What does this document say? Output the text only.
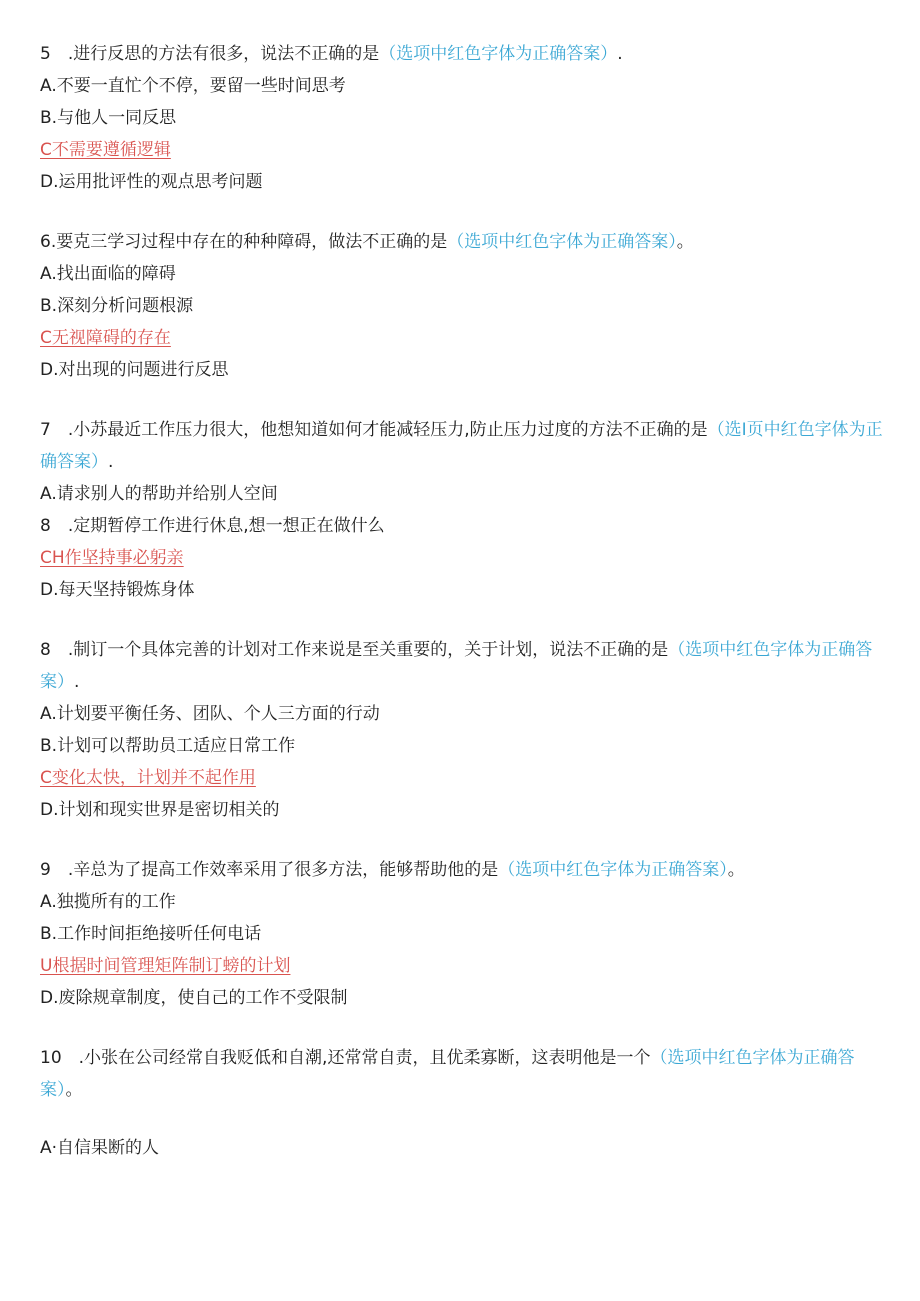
5　.进行反思的方法有很多，说法不正确的是（选项中红色字体为正确答案）.

A.不要一直忙个不停，要留一些时间思考

B.与他人一同反思

C不需要遵循逻辑

D.运用批评性的观点思考问题

6.要克三学习过程中存在的种种障碍，做法不正确的是（选项中红色字体为正确答案）。

A.找出面临的障碍

B.深刻分析问题根源

C无视障碍的存在

D.对出现的问题进行反思

7　.小苏最近工作压力很大，他想知道如何才能减轻压力,防止压力过度的方法不正确的是（选I页中红色字体为正确答案）.

A.请求别人的帮助并给别人空间

8　.定期暂停工作进行休息,想一想正在做什么

CH作坚持事必躬亲

D.每天坚持锻炼身体

8　.制订一个具体完善的计划对工作来说是至关重要的，关于计划，说法不正确的是（选项中红色字体为正确答案）.

A.计划要平衡任务、团队、个人三方面的行动

B.计划可以帮助员工适应日常工作

C变化太快，计划并不起作用

D.计划和现实世界是密切相关的

9　.辛总为了提高工作效率采用了很多方法，能够帮助他的是（选项中红色字体为正确答案）。

A.独揽所有的工作

B.工作时间拒绝接听任何电话

U根据时间管理矩阵制订螃的计划

D.废除规章制度，使自己的工作不受限制

10　.小张在公司经常自我贬低和自潮,还常常自责，且优柔寡断，这表明他是一个（选项中红色字体为正确答案）。

A·自信果断的人
